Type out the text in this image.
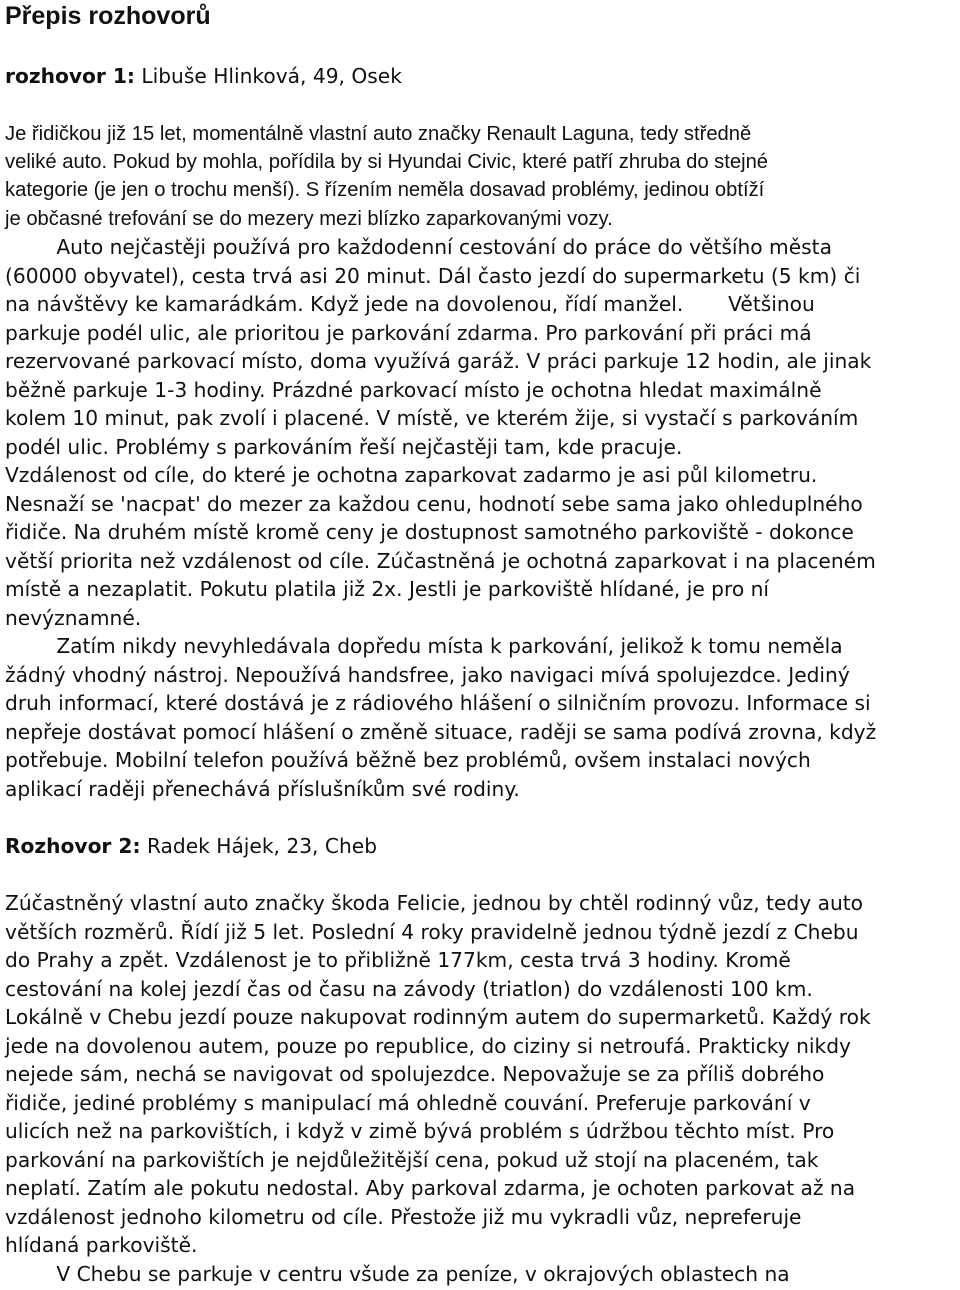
Přepis rozhovorů
rozhovor 1: Libuše Hlinková, 49, Osek
Je řidičkou již 15 let, momentálně vlastní auto značky Renault Laguna, tedy středně
veliké auto. Pokud by mohla, pořídila by si Hyundai Civic, které patří zhruba do stejné
kategorie (je jen o trochu menší). S řízením neměla dosavad problémy, jedinou obtíží
je občasné trefování se do mezery mezi blízko zaparkovanými vozy.
Auto nejčastěji používá pro každodenní cestování do práce do většího města
(60000 obyvatel), cesta trvá asi 20 minut. Dál často jezdí do supermarketu (5 km) či
na návštěvy ke kamarádkám. Když jede na dovolenou, řídí manžel.       Většinou
parkuje podél ulic, ale prioritou je parkování zdarma. Pro parkování při práci má
rezervované parkovací místo, doma využívá garáž. V práci parkuje 12 hodin, ale jinak
běžně parkuje 1-3 hodiny. Prázdné parkovací místo je ochotna hledat maximálně
kolem 10 minut, pak zvolí i placené. V místě, ve kterém žije, si vystačí s parkováním
podél ulic. Problémy s parkováním řeší nejčastěji tam, kde pracuje.
Vzdálenost od cíle, do které je ochotna zaparkovat zadarmo je asi půl kilometru.
Nesnaží se 'nacpat' do mezer za každou cenu, hodnotí sebe sama jako ohleduplného
řidiče. Na druhém místě kromě ceny je dostupnost samotného parkoviště - dokonce
větší priorita než vzdálenost od cíle. Zúčastněná je ochotná zaparkovat i na placeném
místě a nezaplatit. Pokutu platila již 2x. Jestli je parkoviště hlídané, je pro ní
nevýznamné.
Zatím nikdy nevyhledávala dopředu místa k parkování, jelikož k tomu neměla
žádný vhodný nástroj. Nepoužívá handsfree, jako navigaci mívá spolujezdce. Jediný
druh informací, které dostává je z rádiového hlášení o silničním provozu. Informace si
nepřeje dostávat pomocí hlášení o změně situace, raději se sama podívá zrovna, když
potřebuje. Mobilní telefon používá běžně bez problémů, ovšem instalaci nových
aplikací raději přenechává příslušníkům své rodiny.
Rozhovor 2: Radek Hájek, 23, Cheb
Zúčastněný vlastní auto značky škoda Felicie, jednou by chtěl rodinný vůz, tedy auto
větších rozměrů. Řídí již 5 let. Poslední 4 roky pravidelně jednou týdně jezdí z Chebu
do Prahy a zpět. Vzdálenost je to přibližně 177km, cesta trvá 3 hodiny. Kromě
cestování na kolej jezdí čas od času na závody (triatlon) do vzdálenosti 100 km.
Lokálně v Chebu jezdí pouze nakupovat rodinným autem do supermarketů. Každý rok
jede na dovolenou autem, pouze po republice, do ciziny si netroufá. Prakticky nikdy
nejede sám, nechá se navigovat od spolujezdce. Nepovažuje se za příliš dobrého
řidiče, jediné problémy s manipulací má ohledně couvání. Preferuje parkování v
ulicích než na parkovištích, i když v zimě bývá problém s údržbou těchto míst. Pro
parkování na parkovištích je nejdůležitější cena, pokud už stojí na placeném, tak
neplatí. Zatím ale pokutu nedostal. Aby parkoval zdarma, je ochoten parkovat až na
vzdálenost jednoho kilometru od cíle. Přestože již mu vykradli vůz, nepreferuje
hlídaná parkoviště.
V Chebu se parkuje v centru všude za peníze, v okrajových oblastech na
